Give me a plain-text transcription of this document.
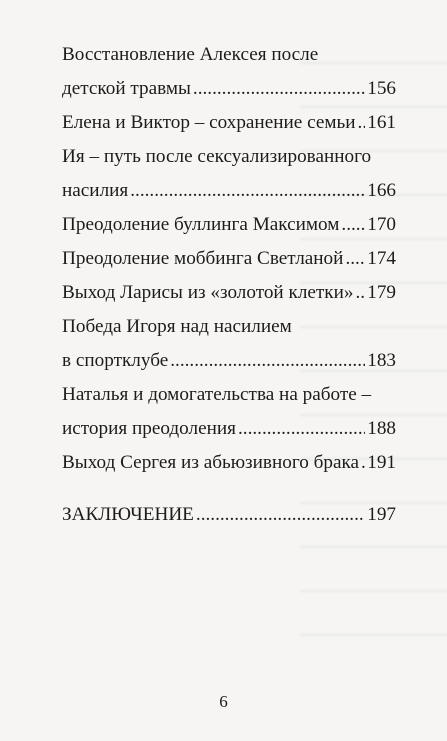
Восстановление Алексея после
детской травмы . . .	156
Елена и Виктор – сохранение семьи . . . 161
Ия – путь после сексуализированного
насилия . . .	166
Преодоление буллинга Максимом . . . 170
Преодоление моббинга Светланой . . . 174
Выход Ларисы из «золотой клетки» . . . 179
Победа Игоря над насилием
в спортклубе . . .	183
Наталья и домогательства на работе –
история преодоления . . .	188
Выход Сергея из абьюзивного брака . . . 191
ЗАКЛЮЧЕНИЕ . . .	197
6
